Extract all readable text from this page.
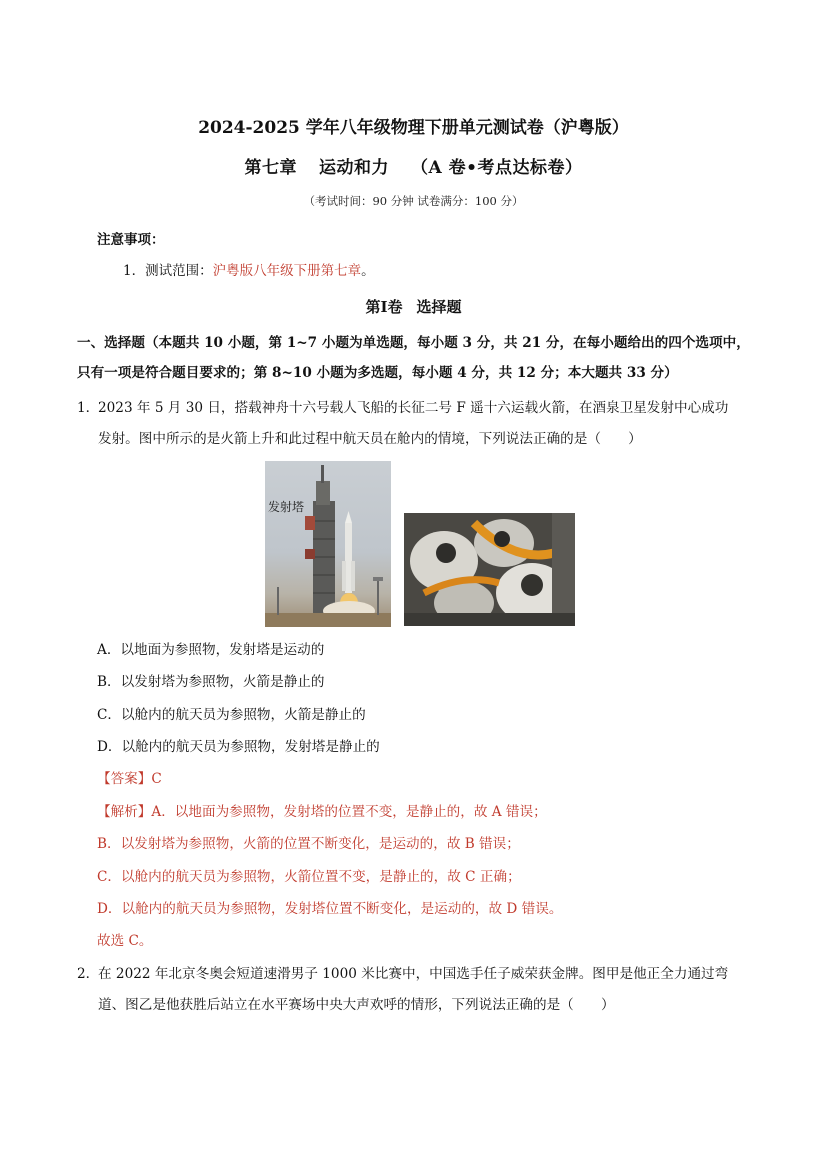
2024-2025 学年八年级物理下册单元测试卷（沪粤版）
第七章 运动和力 （A 卷•考点达标卷）
（考试时间：90 分钟 试卷满分：100 分）
注意事项：
1．测试范围：沪粤版八年级下册第七章。
第Ⅰ卷 选择题
一、选择题（本题共 10 小题，第 1~7 小题为单选题，每小题 3 分，共 21 分，在每小题给出的四个选项中，只有一项是符合题目要求的；第 8~10 小题为多选题，每小题 4 分，共 12 分；本大题共 33 分）
1．2023 年 5 月 30 日，搭载神舟十六号载人飞船的长征二号 F 遥十六运载火箭，在酒泉卫星发射中心成功
发射。图中所示的是火箭上升和此过程中航天员在舱内的情境，下列说法正确的是（　　）
发射塔
A．以地面为参照物，发射塔是运动的
B．以发射塔为参照物，火箭是静止的
C．以舱内的航天员为参照物，火箭是静止的
D．以舱内的航天员为参照物，发射塔是静止的
【答案】C
【解析】A．以地面为参照物，发射塔的位置不变，是静止的，故 A 错误；
B．以发射塔为参照物，火箭的位置不断变化，是运动的，故 B 错误；
C．以舱内的航天员为参照物，火箭位置不变，是静止的，故 C 正确；
D．以舱内的航天员为参照物，发射塔位置不断变化，是运动的，故 D 错误。
故选 C。
2．在 2022 年北京冬奥会短道速滑男子 1000 米比赛中，中国选手任子威荣获金牌。图甲是他正全力通过弯
道、图乙是他获胜后站立在水平赛场中央大声欢呼的情形，下列说法正确的是（　　）
